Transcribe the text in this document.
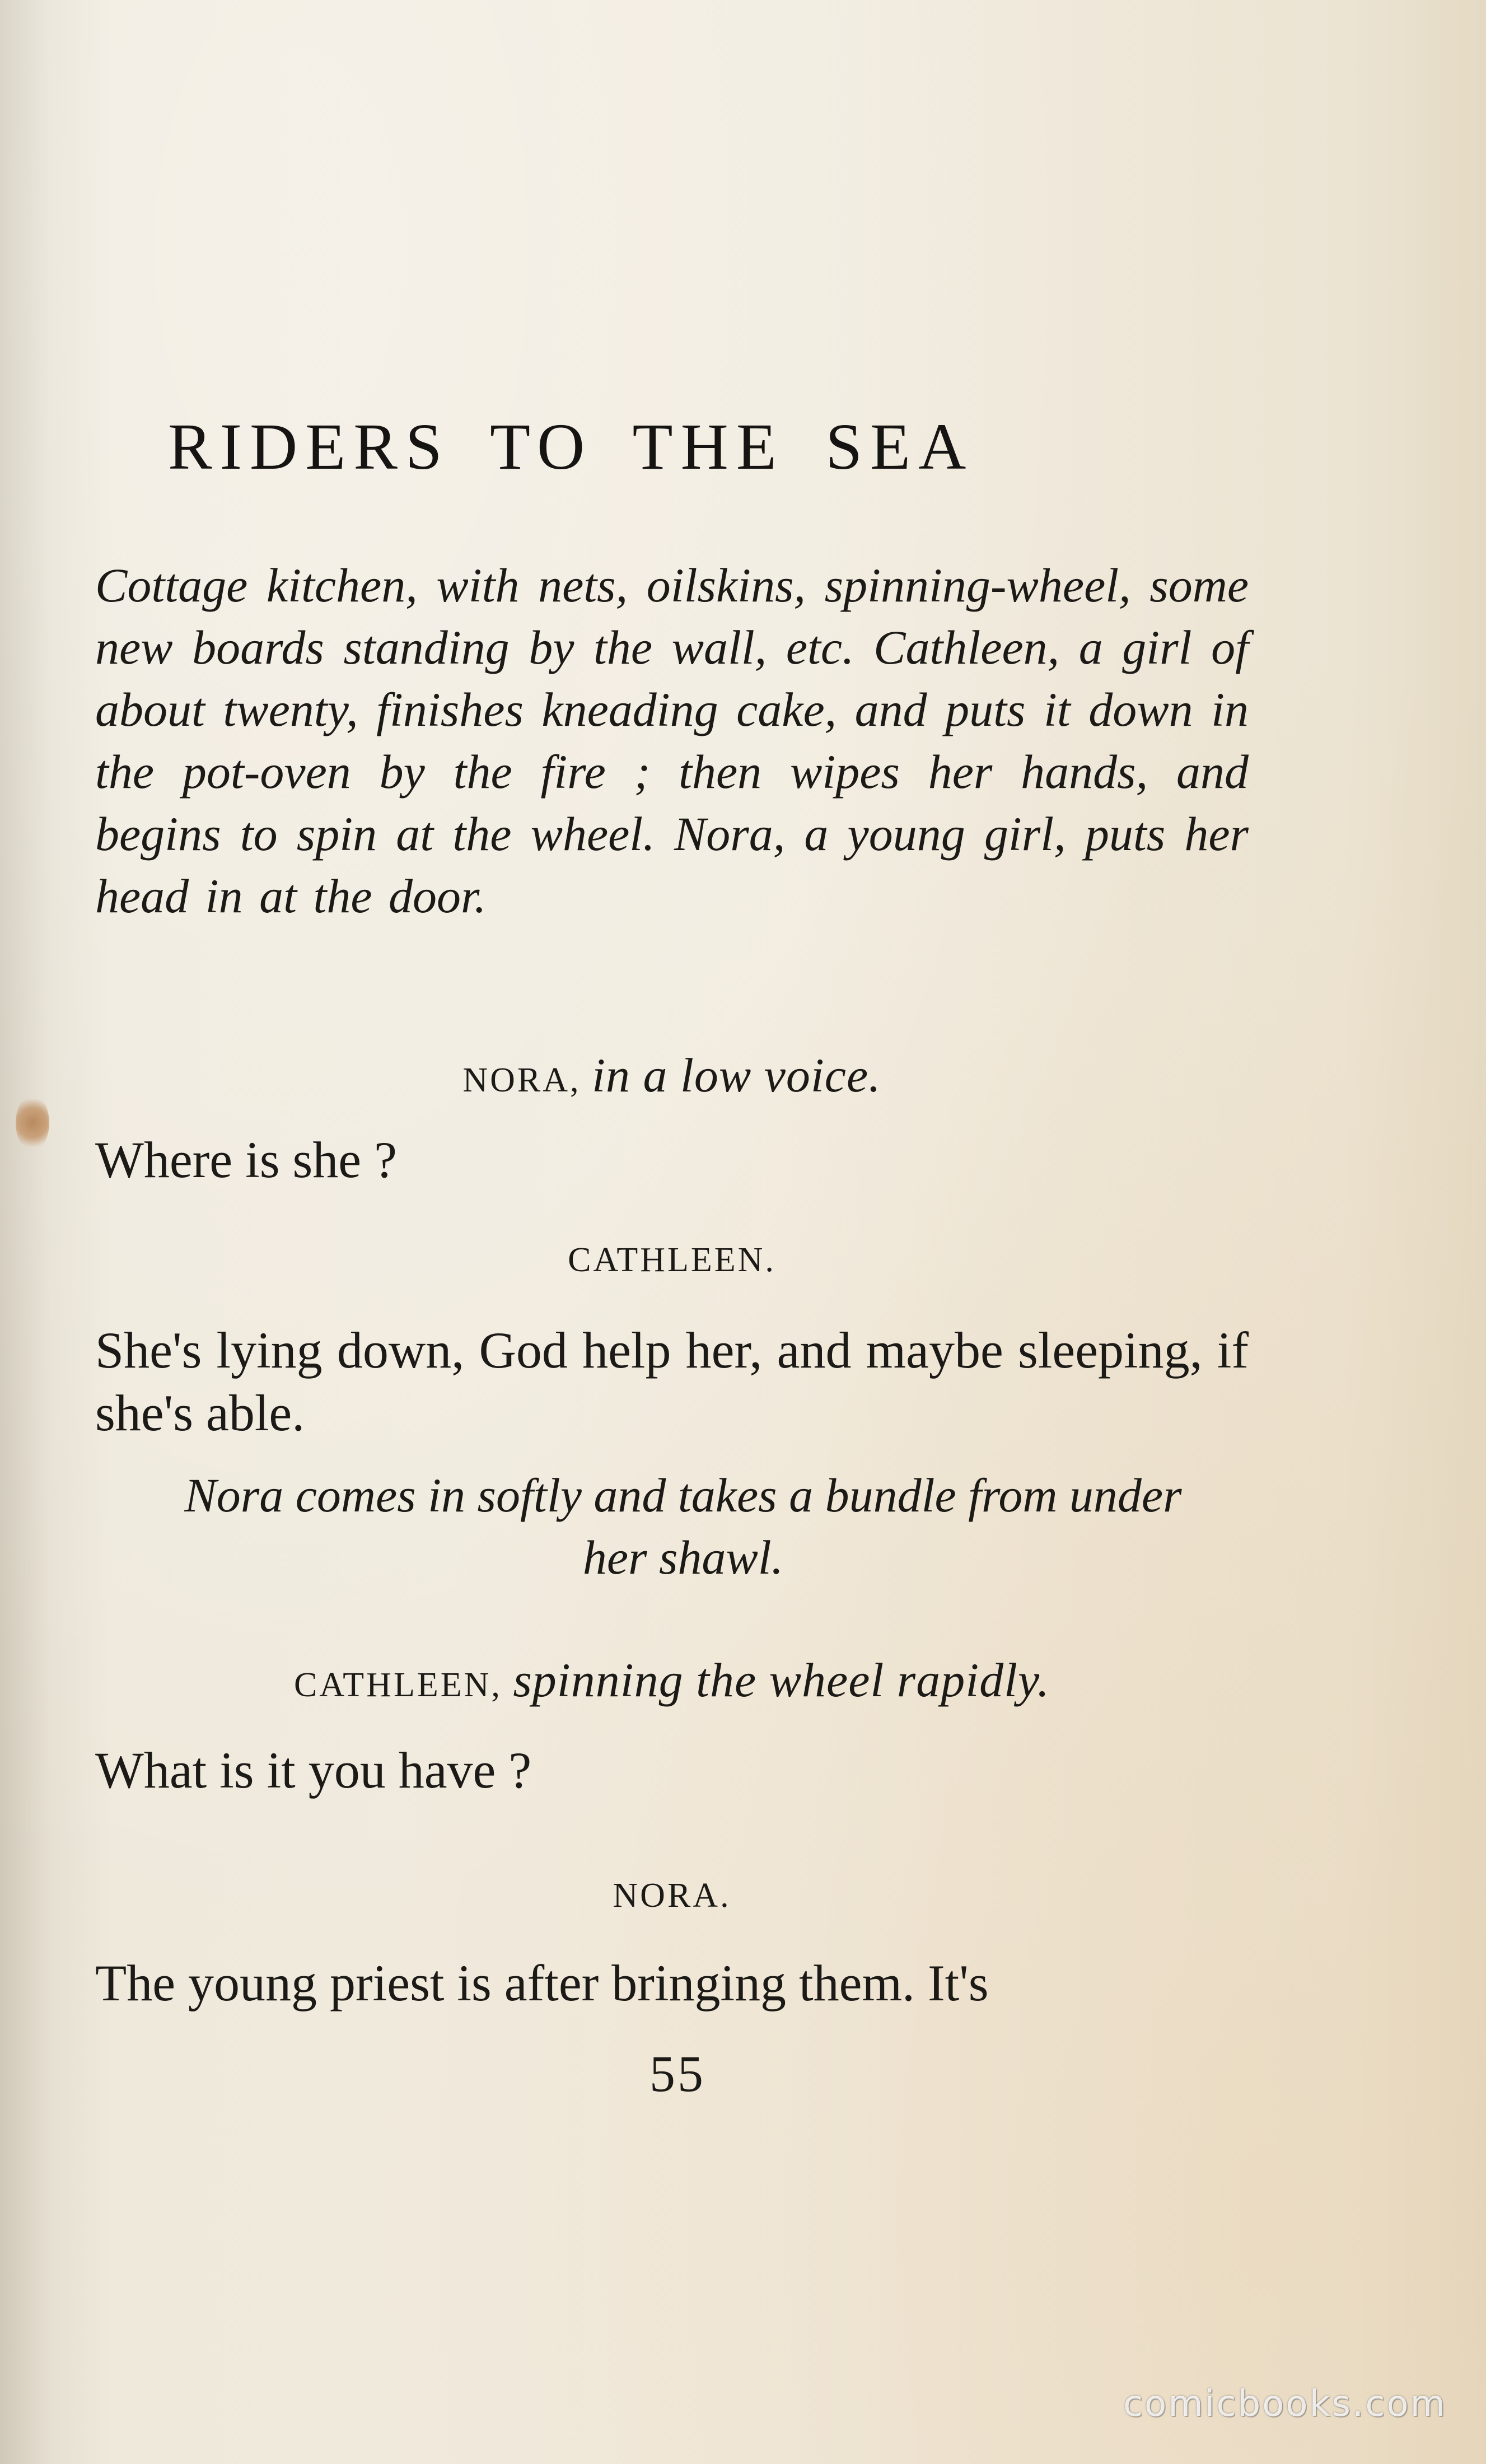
RIDERS TO THE SEA

Cottage kitchen, with nets, oilskins, spinning-wheel, some new boards standing by the wall, etc. Cathleen, a girl of about twenty, finishes kneading cake, and puts it down in the pot-oven by the fire ; then wipes her hands, and begins to spin at the wheel. Nora, a young girl, puts her head in at the door.

NORA, in a low voice.

Where is she ?

CATHLEEN.

She's lying down, God help her, and maybe sleeping, if she's able.

Nora comes in softly and takes a bundle from under her shawl.

CATHLEEN, spinning the wheel rapidly.

What is it you have ?

NORA.

The young priest is after bringing them. It's

55

comicbooks.com
